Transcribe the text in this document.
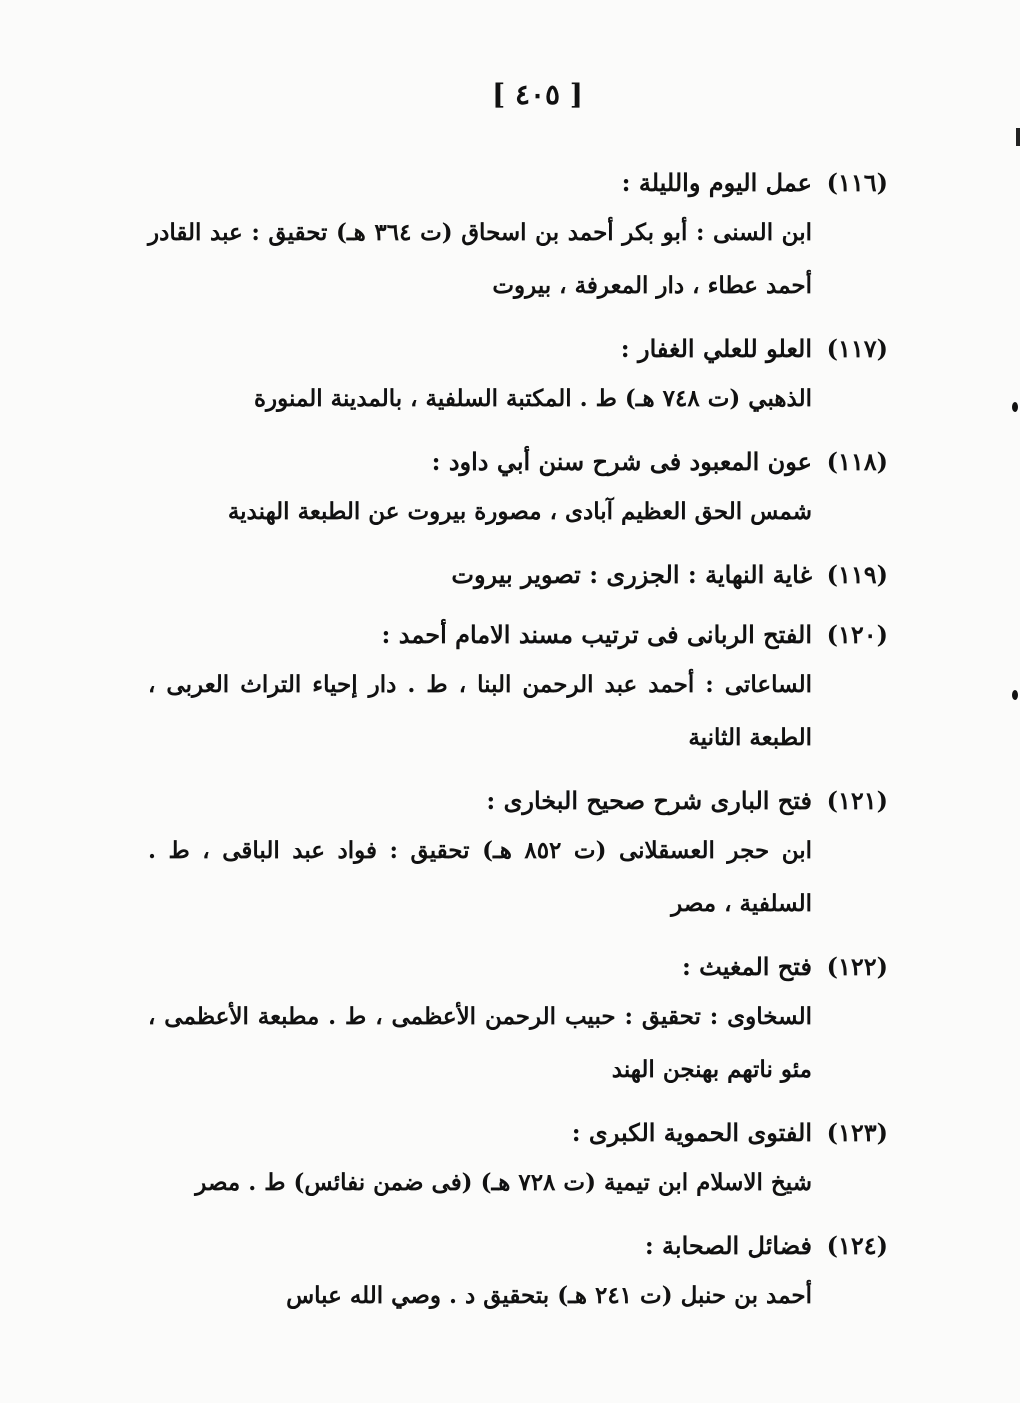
[ ٤٠٥ ]
(١١٦)
عمل اليوم والليلة :
ابن السنى : أبو بكر أحمد بن اسحاق (ت ٣٦٤ هـ) تحقيق : عبد القادر أحمد عطاء ، دار المعرفة ، بيروت
(١١٧)
العلو للعلي الغفار :
الذهبي (ت ٧٤٨ هـ) ط . المكتبة السلفية ، بالمدينة المنورة
(١١٨)
عون المعبود فى شرح سنن أبي داود :
شمس الحق العظيم آبادى ، مصورة بيروت عن الطبعة الهندية
(١١٩)
غاية النهاية : الجزرى : تصوير بيروت
(١٢٠)
الفتح الربانى فى ترتيب مسند الامام أحمد :
الساعاتى : أحمد عبد الرحمن البنا ، ط . دار إحياء التراث العربى ، الطبعة الثانية
(١٢١)
فتح البارى شرح صحيح البخارى :
ابن حجر العسقلانى (ت ٨٥٢ هـ) تحقيق : فواد عبد الباقى ، ط . السلفية ، مصر
(١٢٢)
فتح المغيث :
السخاوى : تحقيق : حبيب الرحمن الأعظمى ، ط . مطبعة الأعظمى ، مئو ناتهم بهنجن الهند
(١٢٣)
الفتوى الحموية الكبرى :
شيخ الاسلام ابن تيمية (ت ٧٢٨ هـ) (فى ضمن نفائس) ط . مصر
(١٢٤)
فضائل الصحابة :
أحمد بن حنبل (ت ٢٤١ هـ) بتحقيق د . وصي الله عباس
